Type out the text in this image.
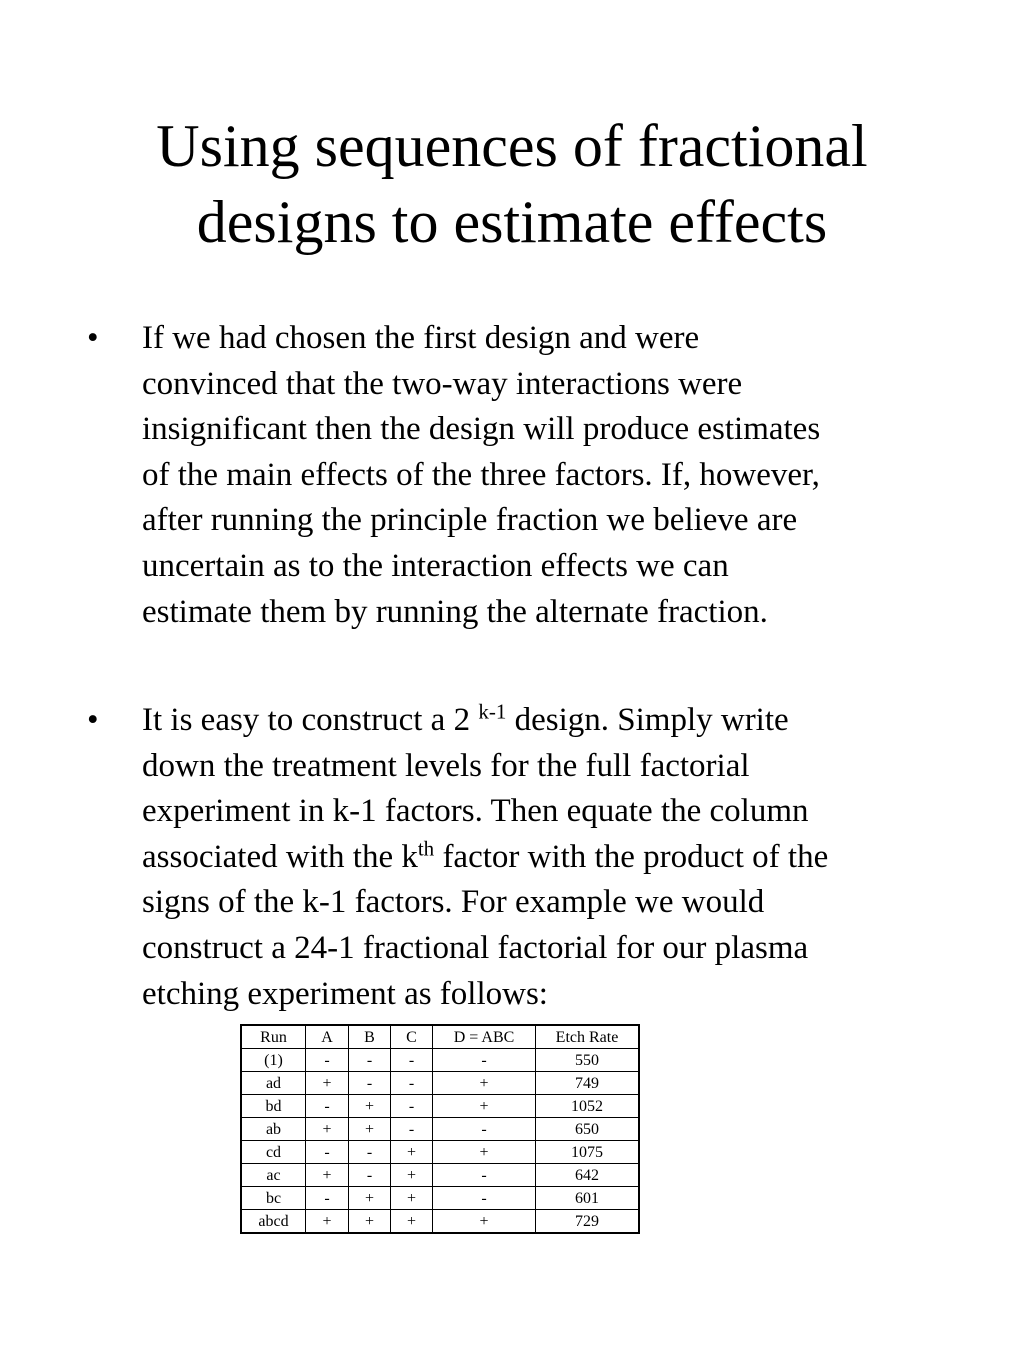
Using sequences of fractional
designs to estimate effects
• If we had chosen the first design and were
convinced that the two-way interactions were
insignificant then the design will produce estimates
of the main effects of the three factors. If, however,
after running the principle fraction we believe are
uncertain as to the interaction effects we can
estimate them by running the alternate fraction.
• It is easy to construct a 2 $^{k-1}$ design. Simply write
down the treatment levels for the full factorial
experiment in k-1 factors. Then equate the column
associated with the $k^{th}$ factor with the product of the
signs of the k-1 factors. For example we would
construct a 24-1 fractional factorial for our plasma
etching experiment as follows:
Run	A	B	C	D = ABC	Etch Rate
(1)	-	-	-	-	550
ad	+	-	-	+	749
bd	-	+	-	+	1052
ab	+	+	-	-	650
cd	-	-	+	+	1075
ac	+	-	+	-	642
bc	-	+	+	-	601
abcd	+	+	+	+	729
